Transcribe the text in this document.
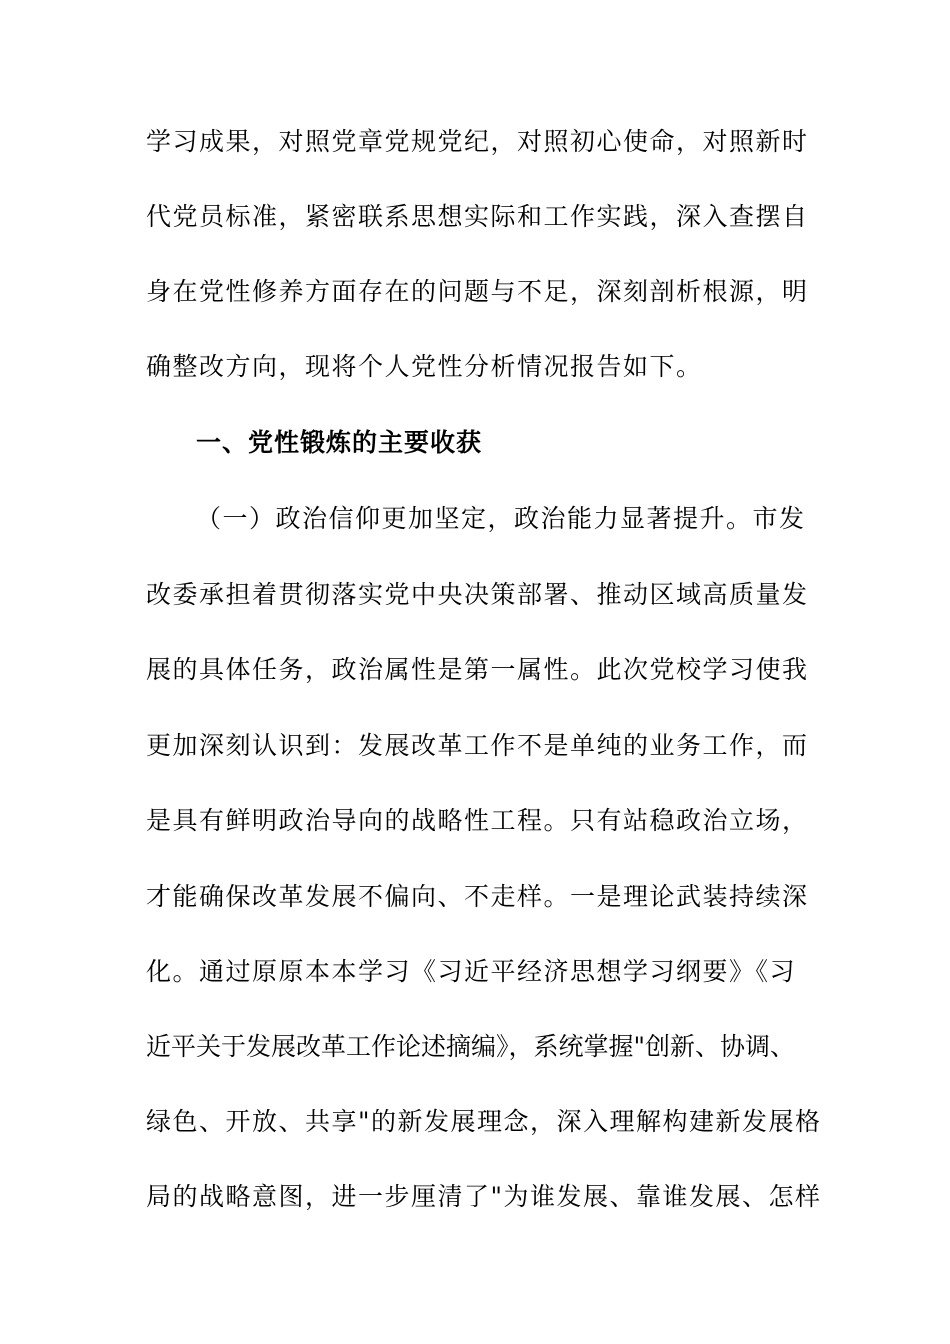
学习成果，对照党章党规党纪，对照初心使命，对照新时
代党员标准，紧密联系思想实际和工作实践，深入查摆自
身在党性修养方面存在的问题与不足，深刻剖析根源，明
确整改方向，现将个人党性分析情况报告如下。
一、党性锻炼的主要收获
（一）政治信仰更加坚定，政治能力显著提升。市发
改委承担着贯彻落实党中央决策部署、推动区域高质量发
展的具体任务，政治属性是第一属性。此次党校学习使我
更加深刻认识到：发展改革工作不是单纯的业务工作，而
是具有鲜明政治导向的战略性工程。只有站稳政治立场，
才能确保改革发展不偏向、不走样。一是理论武装持续深
化。通过原原本本学习《习近平经济思想学习纲要》《习
近平关于发展改革工作论述摘编》，系统掌握"创新、协调、
绿色、开放、共享"的新发展理念，深入理解构建新发展格
局的战略意图，进一步厘清了"为谁发展、靠谁发展、怎样
